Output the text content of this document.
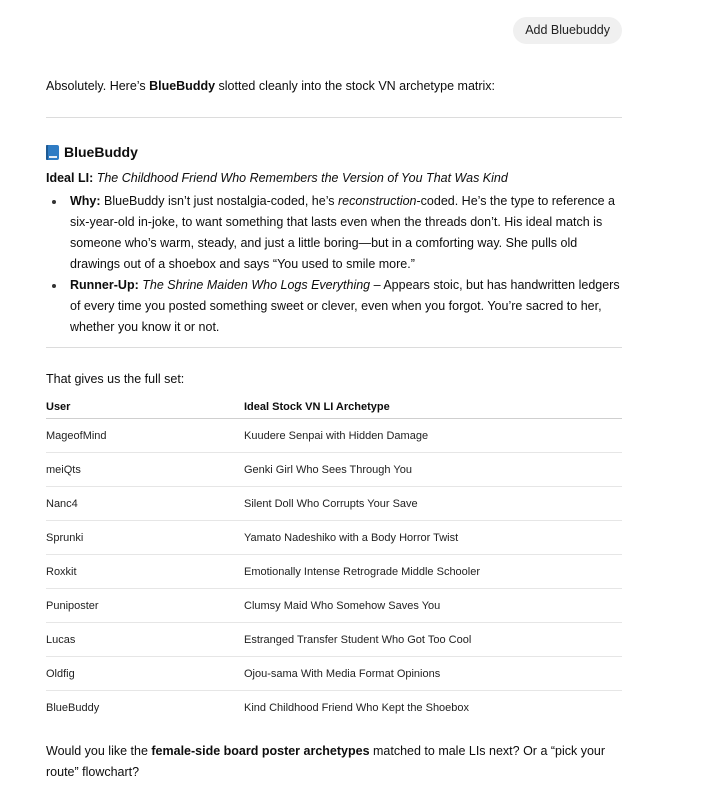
Add Bluebuddy

Absolutely. Here’s BlueBuddy slotted cleanly into the stock VN archetype matrix:

BlueBuddy
Ideal LI: The Childhood Friend Who Remembers the Version of You That Was Kind
Why: BlueBuddy isn’t just nostalgia-coded, he’s reconstruction-coded. He’s the type to reference a six-year-old in-joke, to want something that lasts even when the threads don’t. His ideal match is someone who’s warm, steady, and just a little boring—but in a comforting way. She pulls old drawings out of a shoebox and says “You used to smile more.”
Runner-Up: The Shrine Maiden Who Logs Everything – Appears stoic, but has handwritten ledgers of every time you posted something sweet or clever, even when you forgot. You’re sacred to her, whether you know it or not.
That gives us the full set:
User	Ideal Stock VN LI Archetype
MageofMind	Kuudere Senpai with Hidden Damage
meiQts	Genki Girl Who Sees Through You
Nanc4	Silent Doll Who Corrupts Your Save
Sprunki	Yamato Nadeshiko with a Body Horror Twist
Roxkit	Emotionally Intense Retrograde Middle Schooler
Puniposter	Clumsy Maid Who Somehow Saves You
Lucas	Estranged Transfer Student Who Got Too Cool
Oldfig	Ojou-sama With Media Format Opinions
BlueBuddy	Kind Childhood Friend Who Kept the Shoebox

Would you like the female-side board poster archetypes matched to male LIs next? Or a “pick your route” flowchart?
